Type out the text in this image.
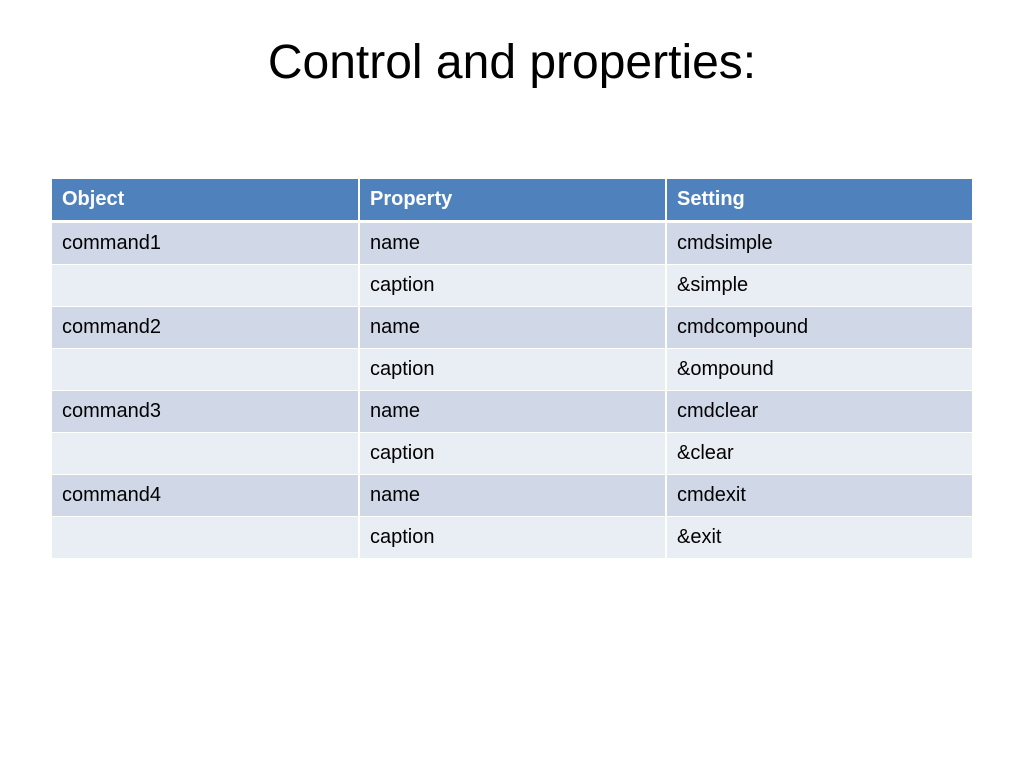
Control and properties:
Object	Property	Setting
command1	name	cmdsimple
	caption	&simple
command2	name	cmdcompound
	caption	&ompound
command3	name	cmdclear
	caption	&clear
command4	name	cmdexit
	caption	&exit
